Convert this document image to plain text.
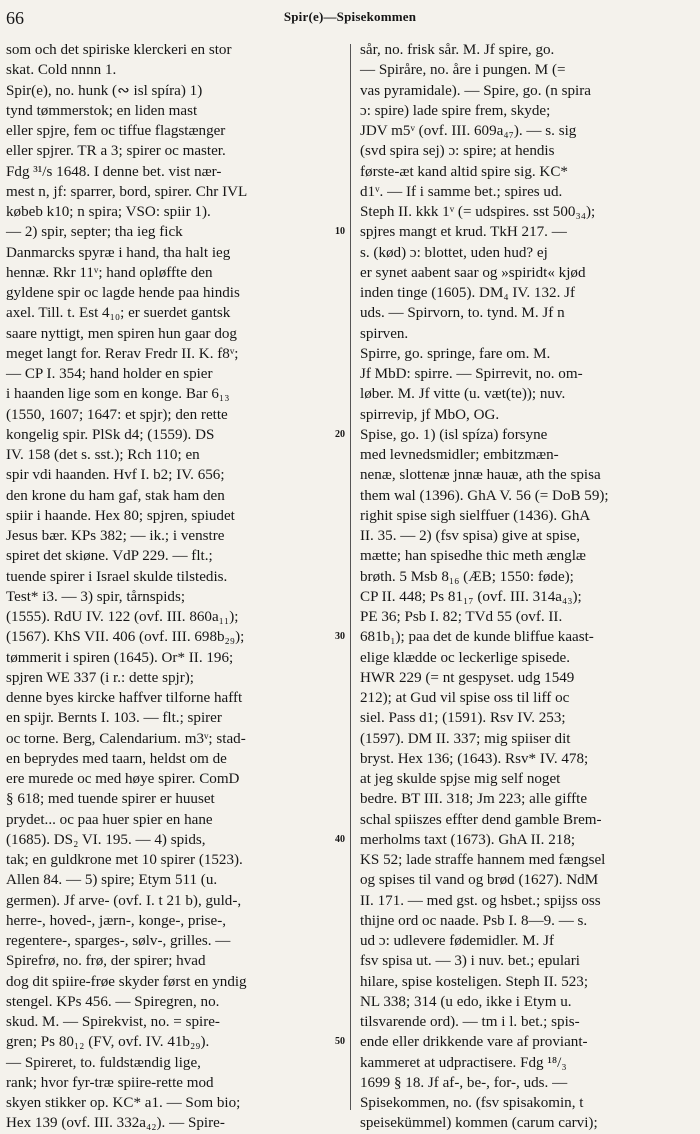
66	Spir(e)—Spisekommen
som och det spiriske klerckeri en stor
skat. Cold nnnn 1.
Spir(e), no. hunk (∾ isl spíra) 1)
tynd tømmerstok; en liden mast
eller spjre, fem oc tiffue flagstænger
eller spjrer. TR a 3; spirer oc master.
Fdg ³¹/s 1648. I denne bet. vist nær-
mest n, jf: sparrer, bord, spirer. Chr IVL
købeb k10; n spira; VSO: spiir 1).
— 2) spir, septer; tha ieg fick
Danmarcks spyræ i hand, tha halt ieg
hennæ. Rkr 11ᵛ; hand opløffte den
gyldene spir oc lagde hende paa hindis
axel. Till. t. Est 4₁₀; er suerdet gantsk
saare nyttigt, men spiren hun gaar dog
meget langt for. Rerav Fredr II. K. f8ᵛ;
— CP I. 354; hand holder en spier
i haanden lige som en konge. Bar 6₁₃
(1550, 1607; 1647: et spjr); den rette
kongelig spir. PlSk d4; (1559). DS
IV. 158 (det s. sst.); Rch 110; en
spir vdi haanden. Hvf I. b2; IV. 656;
den krone du ham gaf, stak ham den
spiir i haande. Hex 80; spjren, spiudet
Jesus bær. KPs 382; — ik.; i venstre
spiret det skiøne. VdP 229. — flt.;
tuende spirer i Israel skulde tilstedis.
Test* i3. — 3) spir, tårnspids;
(1555). RdU IV. 122 (ovf. III. 860a₁₁);
(1567). KhS VII. 406 (ovf. III. 698b₂₉);
tømmerit i spiren (1645). Or* II. 196;
spjren WE 337 (i r.: dette spjr);
denne byes kircke haffver tilforne hafft
en spijr. Bernts I. 103. — flt.; spirer
oc torne. Berg, Calendarium. m3ᵛ; stad-
en beprydes med taarn, heldst om de
ere murede oc med høye spirer. ComD
§ 618; med tuende spirer er huuset
prydet... oc paa huer spier en hane
(1685). DS₂ VI. 195. — 4) spids,
tak; en guldkrone met 10 spirer (1523).
Allen 84. — 5) spire; Etym 511 (u.
germen). Jf arve- (ovf. I. t 21 b), guld-,
herre-, hoved-, jærn-, konge-, prise-,
regentere-, sparges-, sølv-, grilles. —
Spirefrø, no. frø, der spirer; hvad
dog dit spiire-frøe skyder først en yndig
stengel. KPs 456. — Spiregren, no.
skud. M. — Spirekvist, no. = spire-
gren; Ps 80₁₂ (FV, ovf. IV. 41b₂₉).
— Spireret, to. fuldstændig lige,
rank; hvor fyr-træ spiire-rette mod
skyen stikker op. KC* a1. — Som bio;
Hex 139 (ovf. III. 332a₄₂). — Spire-
10
20
30
40
50
sår, no. frisk sår. M. Jf spire, go.
— Spiråre, no. åre i pungen. M (=
vas pyramidale). — Spire, go. (n spira
ɔ: spire) lade spire frem, skyde;
JDV m5ᵛ (ovf. III. 609a₄₇). — s. sig
(svd spira sej) ɔ: spire; at hendis
første-æt kand altid spire sig. KC*
d1ᵛ. — If i samme bet.; spires ud.
Steph II. kkk 1ᵛ (= udspires. sst 500₃₄);
spjres mangt et krud. TkH 217. —
s. (kød) ɔ: blottet, uden hud? ej
er synet aabent saar og »spiridt« kjød
inden tinge (1605). DM₄ IV. 132. Jf
uds. — Spirvorn, to. tynd. M. Jf n
spirven.
Spirre, go. springe, fare om. M.
Jf MbD: spirre. — Spirrevit, no. om-
løber. M. Jf vitte (u. væt(te)); nuv.
spirrevip, jf MbO, OG.
Spise, go. 1) (isl spíza) forsyne
med levnedsmidler; embitzmæn-
nenæ, slottenæ jnnæ hauæ, ath the spisa
them wal (1396). GhA V. 56 (= DoB 59);
righit spise sigh sielffuer (1436). GhA
II. 35. — 2) (fsv spisa) give at spise,
mætte; han spisedhe thic meth ænglæ
brøth. 5 Msb 8₁₆ (ÆB; 1550: føde);
CP II. 448; Ps 81₁₇ (ovf. III. 314a₄₃);
PE 36; Psb I. 82; TVd 55 (ovf. II.
681b₁); paa det de kunde bliffue kaast-
elige klædde oc leckerlige spisede.
HWR 229 (= nt gespyset. udg 1549
212); at Gud vil spise oss til liff oc
siel. Pass d1; (1591). Rsv IV. 253;
(1597). DM II. 337; mig spiiser dit
bryst. Hex 136; (1643). Rsv* IV. 478;
at jeg skulde spjse mig self noget
bedre. BT III. 318; Jm 223; alle giffte
schal spiiszes effter dend gamble Brem-
merholms taxt (1673). GhA II. 218;
KS 52; lade straffe hannem med fængsel
og spises til vand og brød (1627). NdM
II. 171. — med gst. og hsbet.; spijss oss
thijne ord oc naade. Psb I. 8—9. — s.
ud ɔ: udlevere fødemidler. M. Jf
fsv spisa ut. — 3) i nuv. bet.; epulari
hilare, spise kosteligen. Steph II. 523;
NL 338; 314 (u edo, ikke i Etym u.
tilsvarende ord). — tm i l. bet.; spis-
ende eller drikkende vare af proviant-
kammeret at udpractisere. Fdg ¹⁸/₃
1699 § 18. Jf af-, be-, for-, uds. —
Spisekommen, no. (fsv spisakomin, t
speisekümmel) kommen (carum carvi);
